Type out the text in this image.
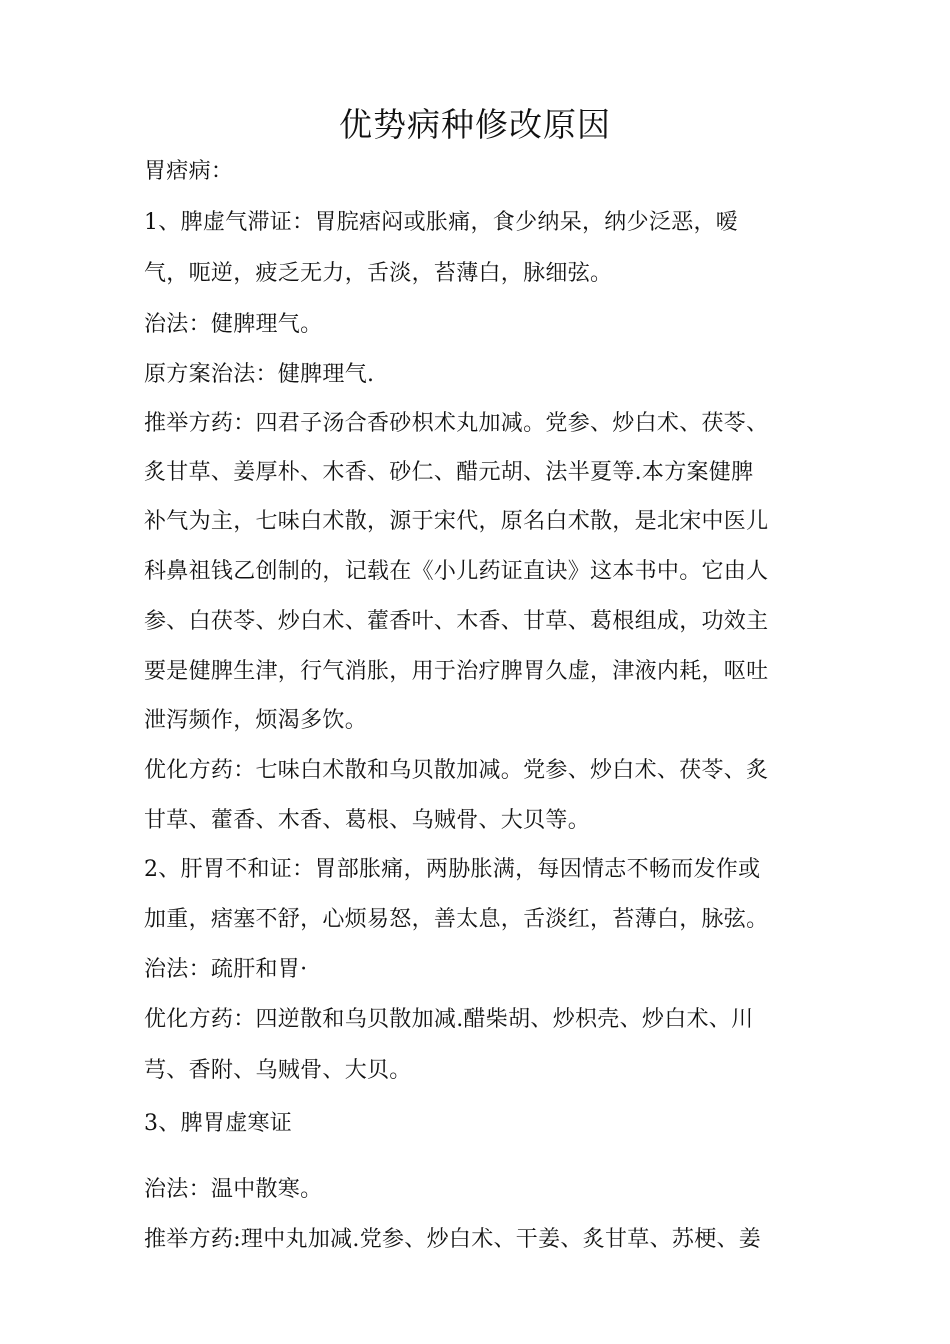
优势病种修改原因
胃痞病：
1、脾虚气滞证：胃脘痞闷或胀痛，食少纳呆，纳少泛恶，嗳
气，呃逆，疲乏无力，舌淡，苔薄白，脉细弦。
治法：健脾理气。
原方案治法：健脾理气.
推举方药：四君子汤合香砂枳术丸加减。党参、炒白术、茯苓、
炙甘草、姜厚朴、木香、砂仁、醋元胡、法半夏等.本方案健脾
补气为主，七味白术散，源于宋代，原名白术散，是北宋中医儿
科鼻祖钱乙创制的，记载在《小儿药证直诀》这本书中。它由人
参、白茯苓、炒白术、藿香叶、木香、甘草、葛根组成，功效主
要是健脾生津，行气消胀，用于治疗脾胃久虚，津液内耗，呕吐
泄泻频作，烦渴多饮。
优化方药：七味白术散和乌贝散加减。党参、炒白术、茯苓、炙
甘草、藿香、木香、葛根、乌贼骨、大贝等。
2、肝胃不和证：胃部胀痛，两胁胀满，每因情志不畅而发作或
加重，痞塞不舒，心烦易怒，善太息，舌淡红，苔薄白，脉弦。
治法：疏肝和胃·
优化方药：四逆散和乌贝散加减.醋柴胡、炒枳壳、炒白术、川
芎、香附、乌贼骨、大贝。
3、脾胃虚寒证
治法：温中散寒。
推举方药:理中丸加减.党参、炒白术、干姜、炙甘草、苏梗、姜
